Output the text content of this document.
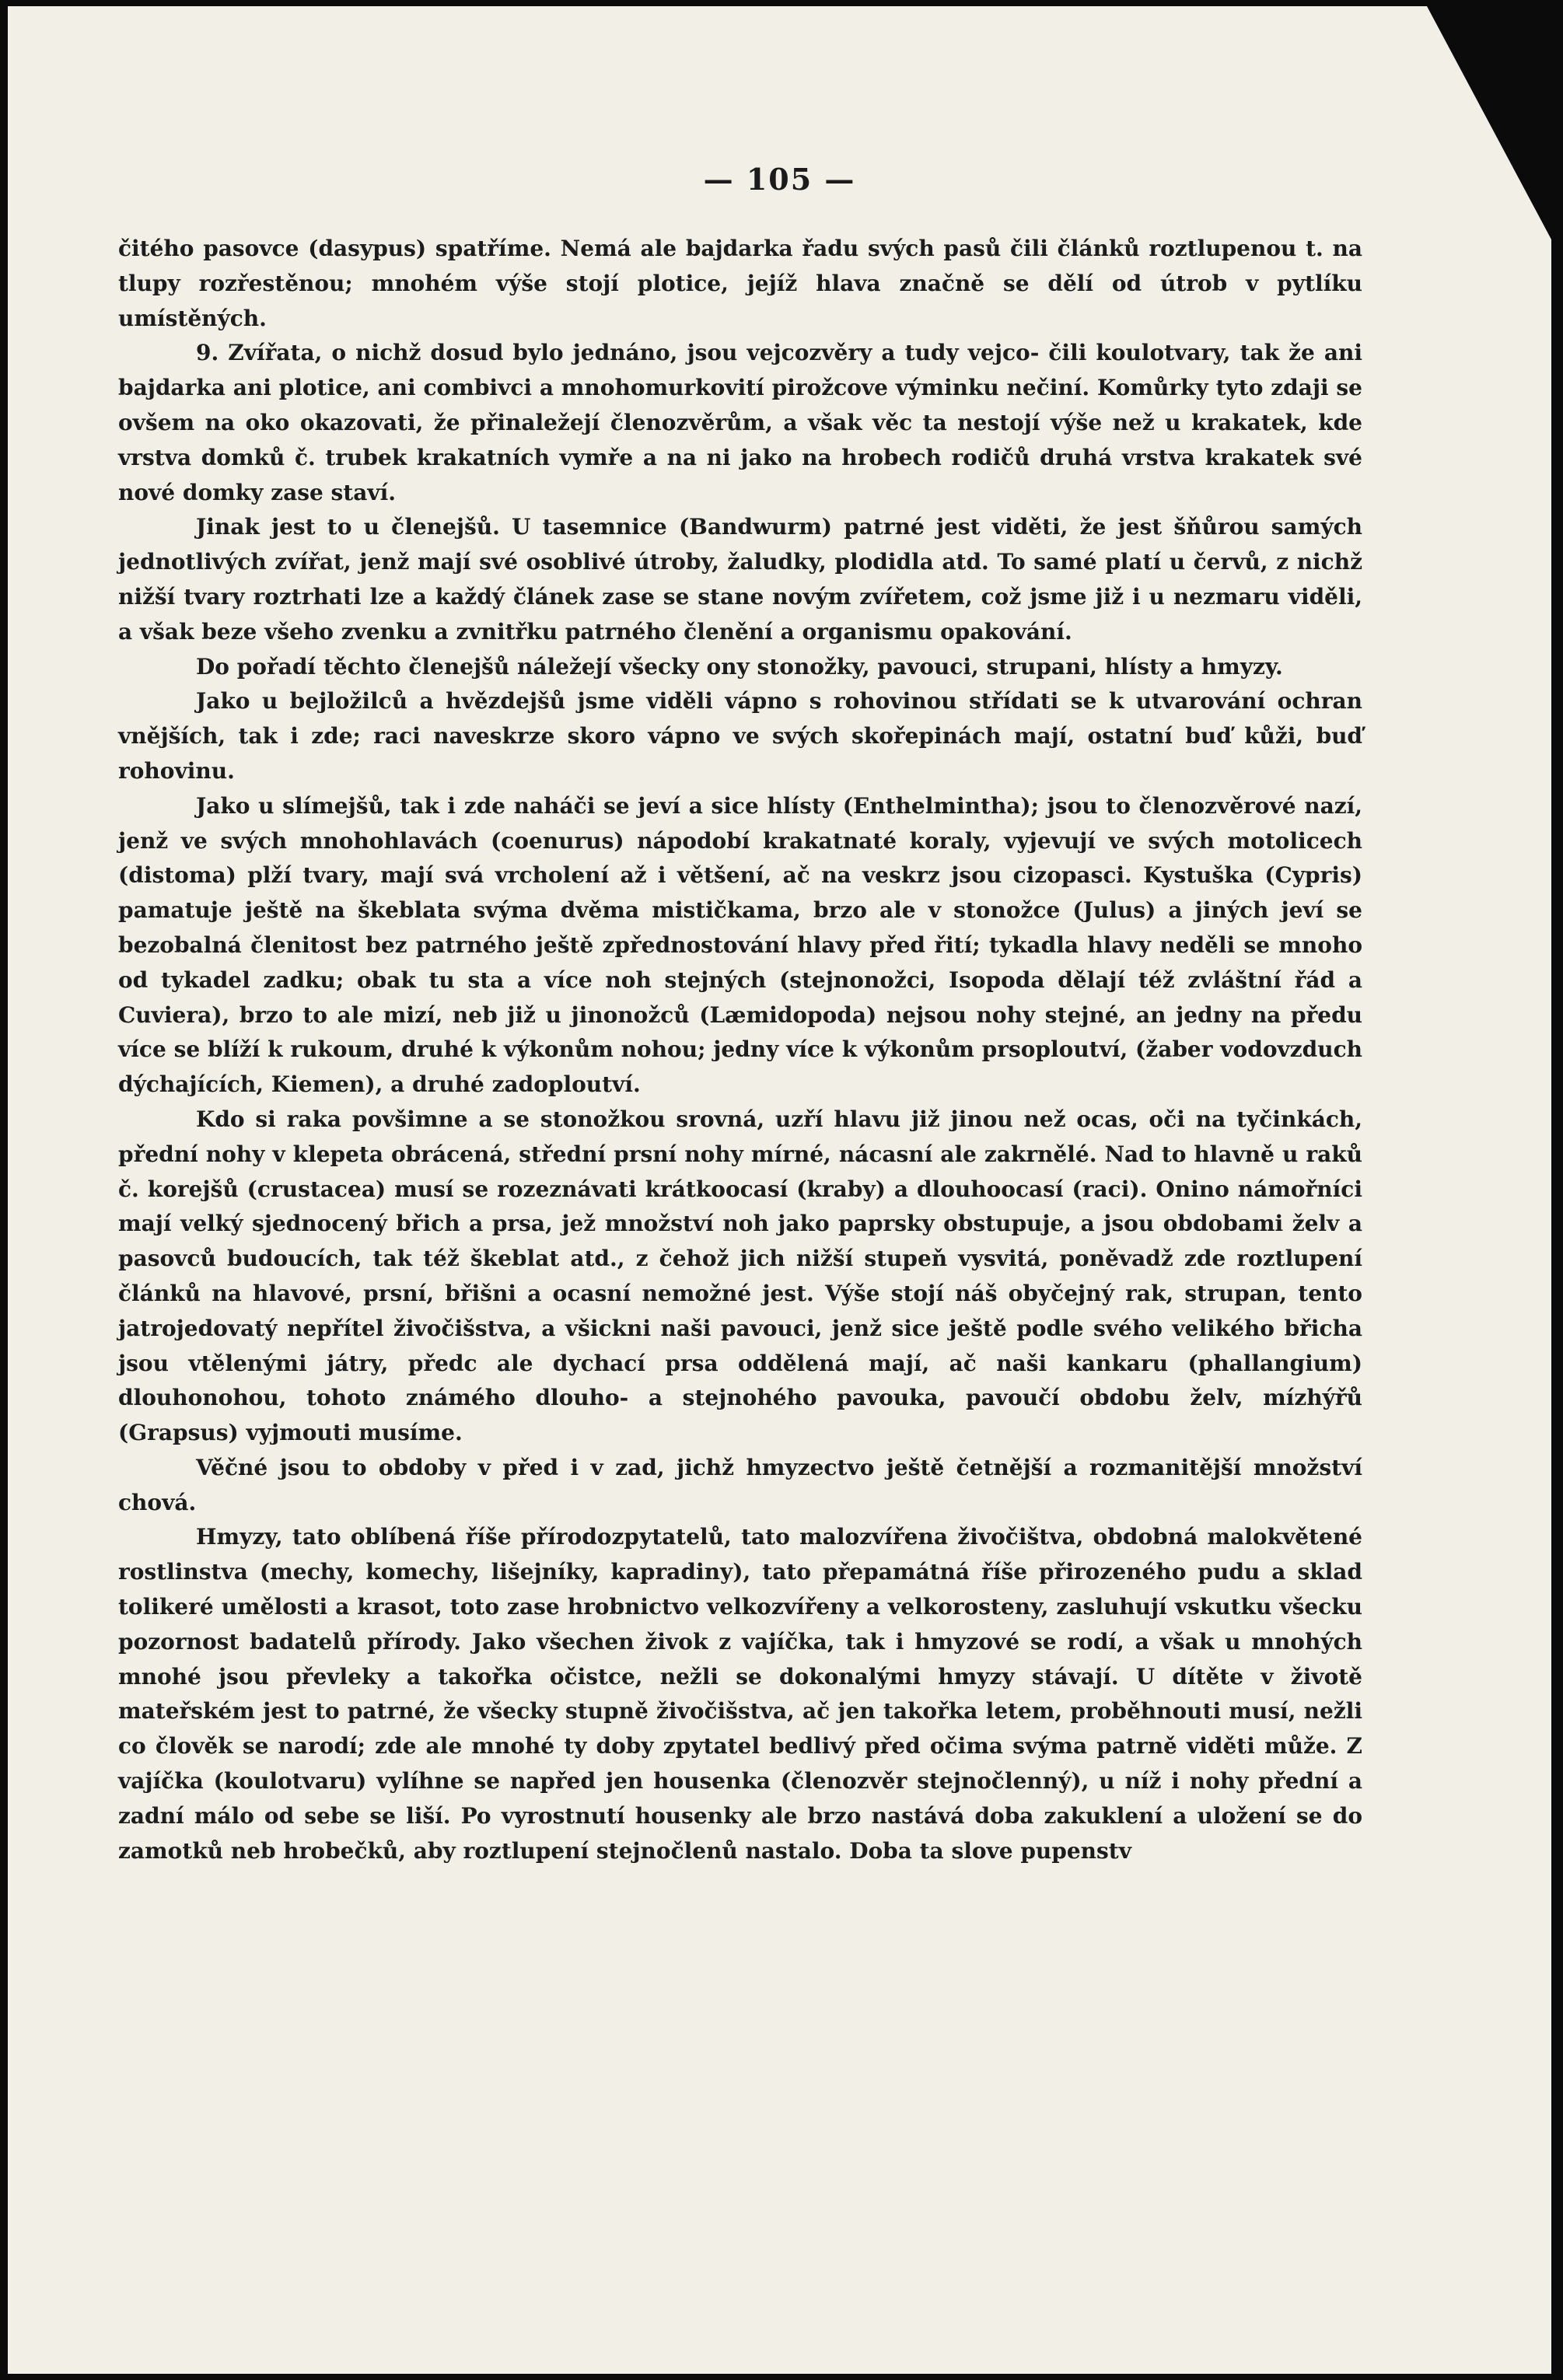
— 105 —

čitého pasovce (dasypus) spatříme. Nemá ale bajdarka řadu svých pasů čili článků roztlupenou t. na tlupy rozřestěnou; mnohém výše stojí plotice, jejíž hlava značně se dělí od útrob v pytlíku umístěných.

9. Zvířata, o nichž dosud bylo jednáno, jsou vejcozvěry a tudy vejco- čili koulotvary, tak že ani bajdarka ani plotice, ani combivci a mnohomurkovití pirožcove výminku nečiní. Komůrky tyto zdaji se ovšem na oko okazovati, že přinaležejí členozvěrům, a však věc ta nestojí výše než u krakatek, kde vrstva domků č. trubek krakatních vymře a na ni jako na hrobech rodičů druhá vrstva krakatek své nové domky zase staví.

Jinak jest to u členejšů. U tasemnice (Bandwurm) patrné jest viděti, že jest šňůrou samých jednotlivých zvířat, jenž mají své osoblivé útroby, žaludky, plodidla atd. To samé platí u červů, z nichž nižší tvary roztrhati lze a každý článek zase se stane novým zvířetem, což jsme již i u nezmaru viděli, a však beze všeho zvenku a zvnitřku patrného členění a organismu opakování.

Do pořadí těchto členejšů náležejí všecky ony stonožky, pavouci, strupani, hlísty a hmyzy.

Jako u bejložilců a hvězdejšů jsme viděli vápno s rohovinou střídati se k utvarování ochran vnějších, tak i zde; raci naveskrze skoro vápno ve svých skořepinách mají, ostatní buď kůži, buď rohovinu.

Jako u slímejšů, tak i zde naháči se jeví a sice hlísty (Enthelmintha); jsou to členozvěrové nazí, jenž ve svých mnohohlavách (coenurus) nápodobí krakatnaté koraly, vyjevují ve svých motolicech (distoma) plží tvary, mají svá vrcholení až i většení, ač na veskrz jsou cizopasci. Kystuška (Cypris) pamatuje ještě na škeblata svýma dvěma mističkama, brzo ale v stonožce (Julus) a jiných jeví se bezobalná členitost bez patrného ještě zpřednostování hlavy před řití; tykadla hlavy neděli se mnoho od tykadel zadku; obak tu sta a více noh stejných (stejnonožci, Isopoda dělají též zvláštní řád a Cuviera), brzo to ale mizí, neb již u jinonožců (Læmidopoda) nejsou nohy stejné, an jedny na předu více se blíží k rukoum, druhé k výkonům nohou; jedny více k výkonům prsoploutví, (žaber vodovzduch dýchajících, Kiemen), a druhé zadoploutví.

Kdo si raka povšimne a se stonožkou srovná, uzří hlavu již jinou než ocas, oči na tyčinkách, přední nohy v klepeta obrácená, střední prsní nohy mírné, nácasní ale zakrnělé. Nad to hlavně u raků č. korejšů (crustacea) musí se rozeznávati krátkoocasí (kraby) a dlouhoocasí (raci). Onino námořníci mají velký sjednocený břich a prsa, jež množství noh jako paprsky obstupuje, a jsou obdobami želv a pasovců budoucích, tak též škeblat atd., z čehož jich nižší stupeň vysvitá, poněvadž zde roztlupení článků na hlavové, prsní, břišni a ocasní nemožné jest. Výše stojí náš obyčejný rak, strupan, tento jatrojedovatý nepřítel živočišstva, a všickni naši pavouci, jenž sice ještě podle svého velikého břicha jsou vtělenými játry, předc ale dychací prsa oddělená mají, ač naši kankaru (phallangium) dlouhonohou, tohoto známého dlouho- a stejnohého pavouka, pavoučí obdobu želv, mízhýřů (Grapsus) vyjmouti musíme.

Věčné jsou to obdoby v před i v zad, jichž hmyzectvo ještě četnější a rozmanitější množství chová.

Hmyzy, tato oblíbená říše přírodozpytatelů, tato malozvířena živočištva, obdobná malokvětené rostlinstva (mechy, komechy, lišejníky, kapradiny), tato přepamátná říše přirozeného pudu a sklad tolikeré umělosti a krasot, toto zase hrobnictvo velkozvířeny a velkorosteny, zasluhují vskutku všecku pozornost badatelů přírody. Jako všechen živok z vajíčka, tak i hmyzové se rodí, a však u mnohých mnohé jsou převleky a takořka očistce, nežli se dokonalými hmyzy stávají. U dítěte v životě mateřském jest to patrné, že všecky stupně živočišstva, ač jen takořka letem, proběhnouti musí, nežli co člověk se narodí; zde ale mnohé ty doby zpytatel bedlivý před očima svýma patrně viděti může. Z vajíčka (koulotvaru) vylíhne se napřed jen housenka (členozvěr stejnočlenný), u níž i nohy přední a zadní málo od sebe se liší. Po vyrostnutí housenky ale brzo nastává doba zakuklení a uložení se do zamotků neb hrobečků, aby roztlupení stejnočlenů nastalo. Doba ta slove pupenstv
